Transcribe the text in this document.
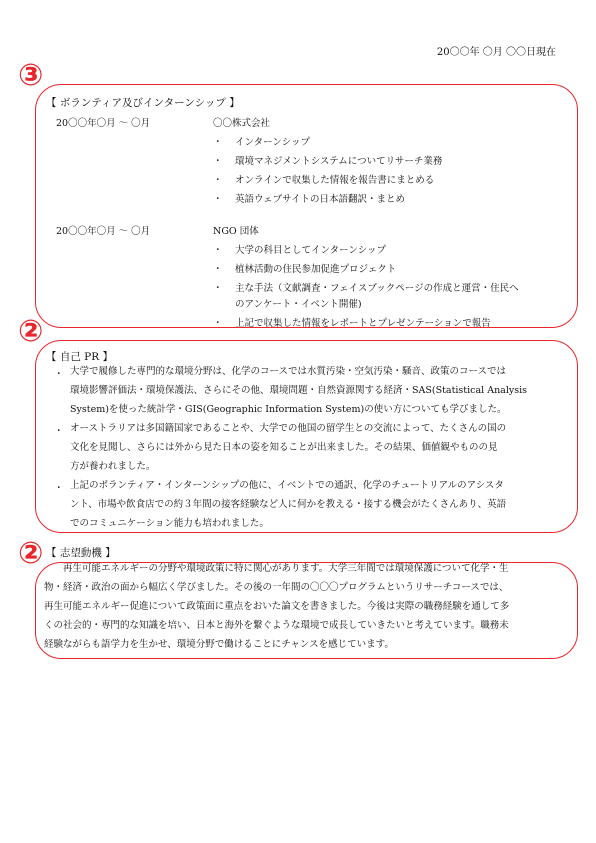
20〇〇年 〇月 〇〇日現在
③
【 ボランティア及びインターンシップ 】
20〇〇年〇月 ～ 〇月	〇〇株式会社
・ インターンシップ
・ 環境マネジメントシステムについてリサーチ業務
・ オンラインで収集した情報を報告書にまとめる
・ 英語ウェブサイトの日本語翻訳・まとめ
20〇〇年〇月 ～ 〇月	NGO 団体
・ 大学の科目としてインターンシップ
・ 植林活動の住民参加促進プロジェクト
・ 主な手法（文献調査・フェイスブックページの作成と運営・住民へ
のアンケート・イベント開催)
・ 上記で収集した情報をレポートとプレゼンテーションで報告
②
【 自己 PR 】
・ 大学で履修した専門的な環境分野は、化学のコースでは水質汚染・空気汚染・騒音、政策のコースでは
環境影響評価法・環境保護法、さらにその他、環境問題・自然資源関する経済・SAS(Statistical Analysis
System)を使った統計学・GIS(Geographic Information System)の使い方についても学びました。
・ オーストラリアは多国籍国家であることや、大学での他国の留学生との交流によって、たくさんの国の
文化を見聞し、さらには外から見た日本の姿を知ることが出来ました。その結果、価値観やものの見
方が養われました。
・ 上記のボランティア・インターンシップの他に、イベントでの通訳、化学のチュートリアルのアシスタ
ント、市場や飲食店での約３年間の接客経験など人に何かを教える・接する機会がたくさんあり、英語
でのコミュニケーション能力も培われました。
② 【 志望動機 】
再生可能エネルギーの分野や環境政策に特に関心があります。大学三年間では環境保護について化学・生
物・経済・政治の面から幅広く学びました。その後の一年間の〇〇〇プログラムというリサーチコースでは、
再生可能エネルギー促進について政策面に重点をおいた論文を書きました。今後は実際の職務経験を通して多
くの社会的・専門的な知識を培い、日本と海外を繋ぐような環境で成長していきたいと考えています。職務未
経験ながらも語学力を生かせ、環境分野で働けることにチャンスを感じています。
